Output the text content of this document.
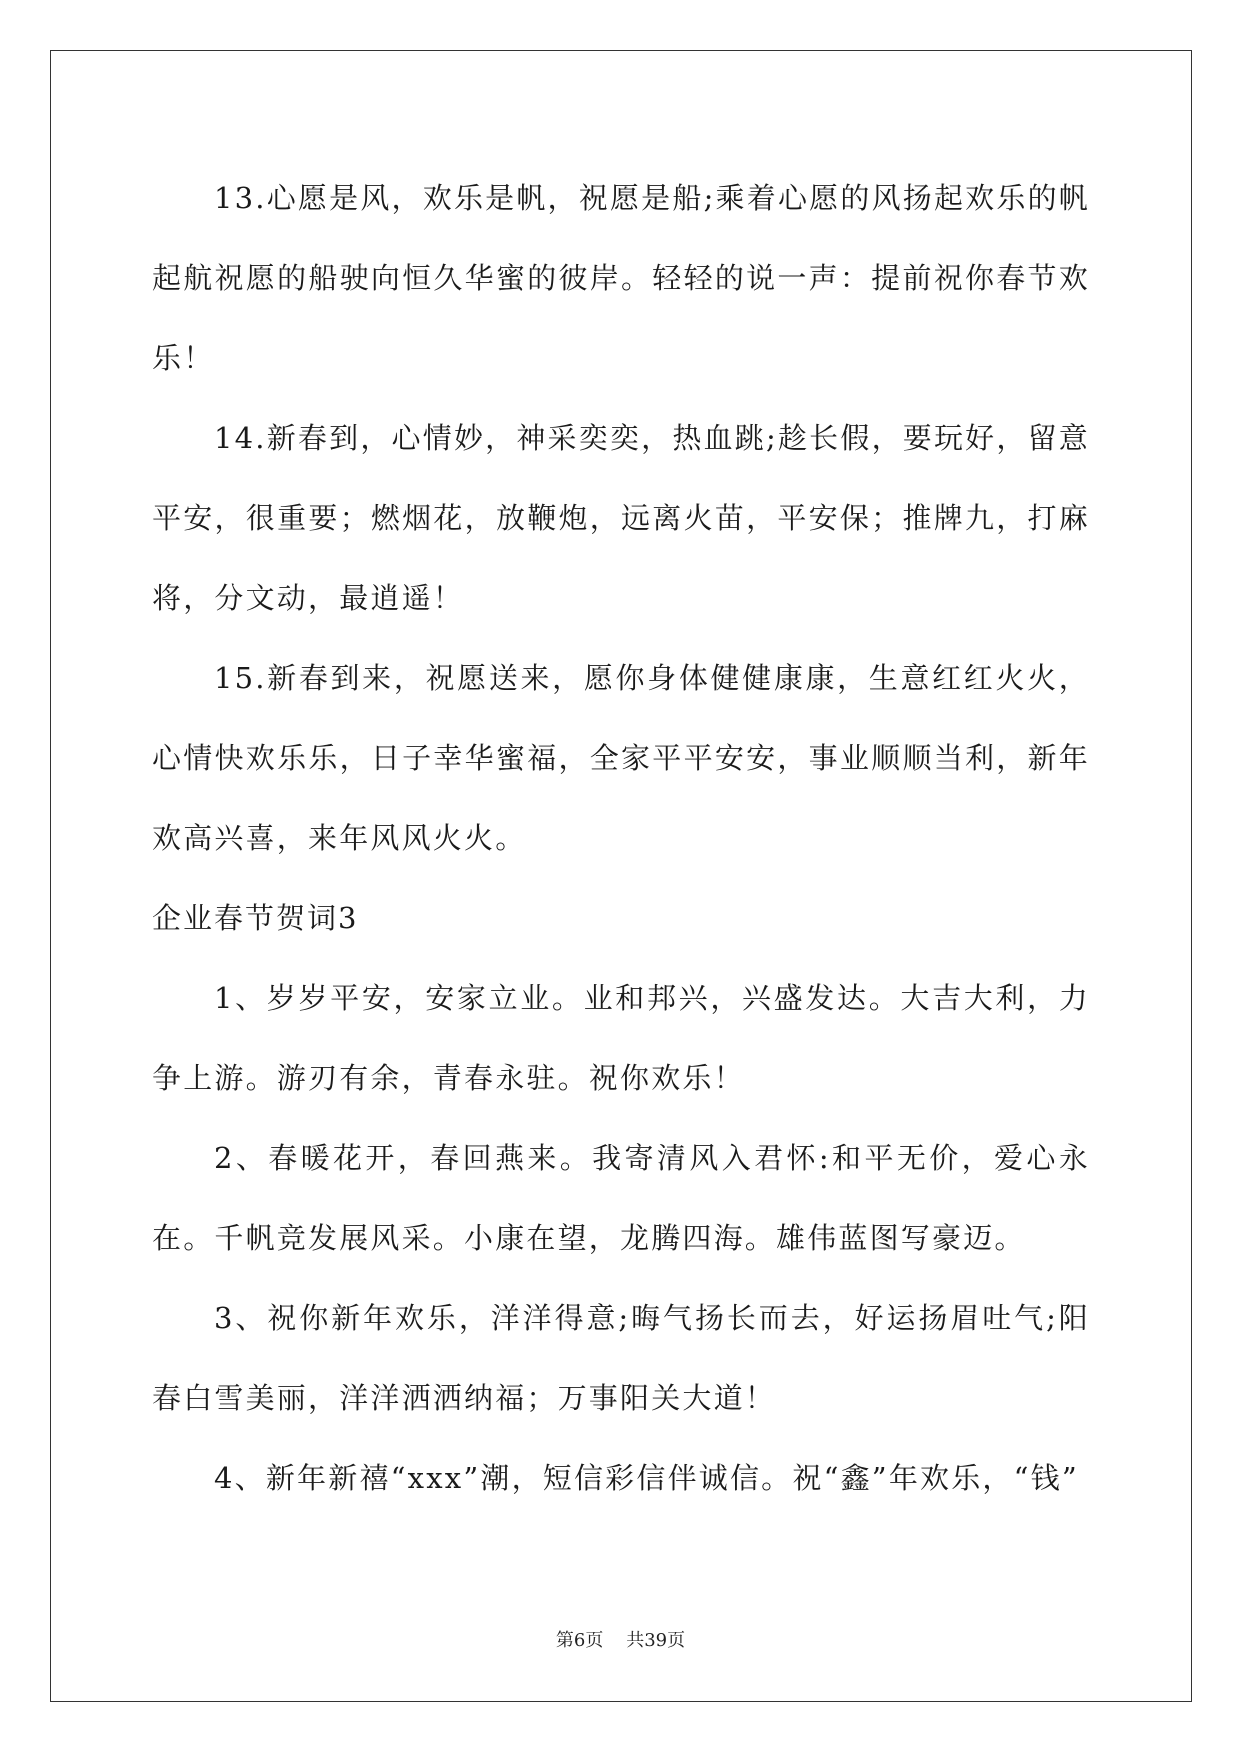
13.心愿是风，欢乐是帆，祝愿是船;乘着心愿的风扬起欢乐的帆起航祝愿的船驶向恒久华蜜的彼岸。轻轻的说一声：提前祝你春节欢乐！

14.新春到，心情妙，神采奕奕，热血跳;趁长假，要玩好，留意平安，很重要；燃烟花，放鞭炮，远离火苗，平安保；推牌九，打麻将，分文动，最逍遥！

15.新春到来，祝愿送来，愿你身体健健康康，生意红红火火，心情快欢乐乐，日子幸华蜜福，全家平平安安，事业顺顺当利，新年欢高兴喜，来年风风火火。

企业春节贺词3

1、岁岁平安，安家立业。业和邦兴，兴盛发达。大吉大利，力争上游。游刃有余，青春永驻。祝你欢乐！

2、春暖花开，春回燕来。我寄清风入君怀:和平无价，爱心永在。千帆竞发展风采。小康在望，龙腾四海。雄伟蓝图写豪迈。

3、祝你新年欢乐，洋洋得意;晦气扬长而去，好运扬眉吐气;阳春白雪美丽，洋洋洒洒纳福；万事阳关大道！

4、新年新禧“xxx”潮，短信彩信伴诚信。祝“鑫”年欢乐，“钱”

第6页 共39页
